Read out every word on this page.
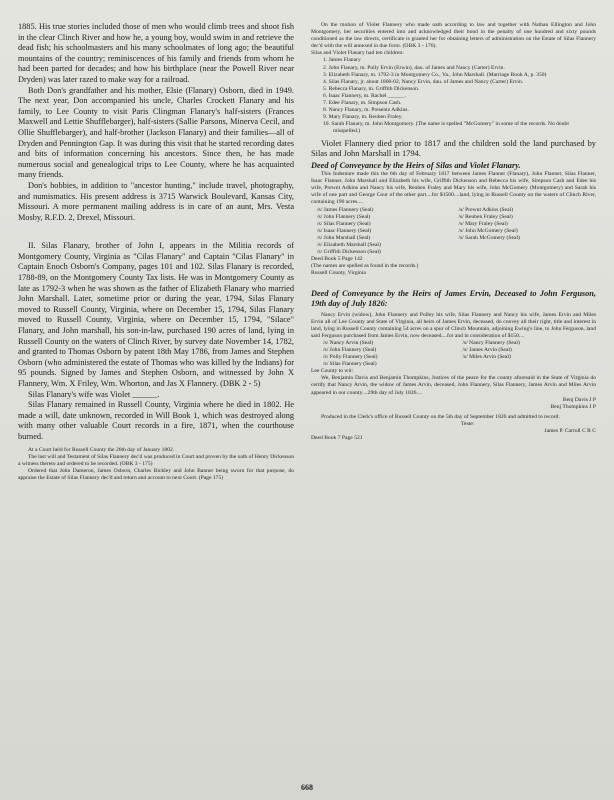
1885. His true stories included those of men who would climb trees and shoot fish in the clear Clinch River and how he, a young boy, would swim in and retrieve the dead fish; his schoolmasters and his many schoolmates of long ago; the beautiful mountains of the country; reminiscences of his family and friends from whom he had been parted for decades; and how his birthplace (near the Powell River near Dryden) was later razed to make way for a railroad.

Both Don's grandfather and his mother, Elsie (Flanary) Osborn, died in 1949. The next year, Don accompanied his uncle, Charles Crockett Flanary and his family, to Lee County to visit Paris Clingman Flanary's half-sisters (Frances Maxwell and Lettie Shufflebarger), half-sisters (Sallie Parsons, Minerva Cecil, and Ollie Shufflebarger), and half-brother (Jackson Flanary) and their families—all of Dryden and Pennington Gap. It was during this visit that he started recording dates and bits of information concerning his ancestors. Since then, he has made numerous social and genealogical trips to Lee County, where he has acquainted many friends.

Don's hobbies, in addition to "ancestor hunting," include travel, photography, and numismatics. His present address is 3715 Warwick Boulevard, Kansas City, Missouri. A more permanent mailing address is in care of an aunt, Mrs. Vesta Mosby, R.F.D. 2, Drexel, Missouri.

II. Silas Flanary, brother of John I, appears in the Militia records of Montgomery County, Virginia as "Cilas Flanary" and Captain "Cilas Flanary" in Captain Enoch Osborn's Company, pages 101 and 102. Silas Flanary is recorded, 1788-89, on the Montgomery County Tax lists. He was in Montgomery County as late as 1792-3 when he was shown as the father of Elizabeth Flanary who married John Marshall. Later, sometime prior or during the year, 1794, Silas Flanary moved to Russell County, Virginia, where on December 15, 1794, Silas Flanary moved to Russell County, Virginia, where on December 15, 1794, "Silace" Flanary, and John marshall, his son-in-law, purchased 190 acres of land, lying in Russell County on the waters of Clinch River, by survey date November 14, 1782, and granted to Thomas Osborn by patent 18th May 1786, from James and Stephen Osborn (who administered the estate of Thomas who was killed by the Indians) for 95 pounds. Signed by James and Stephen Osborn, and witnessed by John X Flannery, Wm. X Friley, Wm. Whorton, and Jas X Flannery. (DBK 2 - 5)

Silas Flanary's wife was Violet ______.

Silas Flanary remained in Russell County, Virginia where he died in 1802. He made a will, date unknown, recorded in Will Book 1, which was destroyed along with many other valuable Court records in a fire, 1871, when the courthouse burned.

At a Court held for Russell County the 26th day of January 1802.

The last will and Testament of Silas Flannery dec'd was produced in Court and proven by the oath of Henry Dickenson a witness thereto and ordered to be recorded. (OBK 3 - 175)

Ordered that John Dameron, James Osborn, Charles Bickley and John Banner being sworn for that purpose, do appraise the Estate of Silas Flannery dec'd and return and account to next Court. (Page 175)

On the motion of Violet Flannery who made oath according to law and together with Nathan Ellington and John Montgomery, her securities entered into and acknowledged their bond in the penalty of one hundred and sixty pounds conditioned as the law directs, certificate is granted her for obtaining letters of administration on the Estate of Silas Flannery dec'd with the will annexed in due form. (OBK 3 - 176).

Silas and Violet Flanary had ten children:

1. James Flanary
2. John Flanary, m. Polly Ervin (Erwin), dau. of James and Nancy (Carter) Ervin.
3. Elizabeth Flanary, m. 1792-3 in Montgomery Co., Va., John Marshall. (Marriage Book A, p. 350)
4. Silas Flanary, jr. about 1800-02, Nancy Ervin, dau. of James and Nancy (Carter) Ervin.
5. Rebecca Flanary, m. Griffith Dickenson.
6. Isaac Flannery, m. Rachel ______.
7. Edee Flanary, m. Simpson Cash.
8. Nancy Flanary, m. Presentz Adkins.
9. Mary Flanary, m. Reuben Fraley.
10. Sarah Flanary, m. John Montgomery. (The name is spelled "McGomery" in some of the records. No doubt misspelled.)

Violet Flannery died prior to 1817 and the children sold the land purchased by Silas and John Marshall in 1794.

Deed of Conveyance by the Heirs of Silas and Violet Flanary.

This Indenture made this the 6th day of February 1817 between James Flanner (Flanary), John Flanner, Silas Flanner, Isaac Flanner, John Marshall and Elizabeth his wife, Griffith Dickenson and Rebecca his wife, Simpson Cash and Edee his wife, Prewnt Adkins and Nancy his wife, Reuben Fraley and Mary his wife, John McGomery (Montgomery) and Sarah his wife of one part and George Cour of the other part....for $1500....land, lying in Russell County on the waters of Clinch River, containing 190 acres....

/s/ James Flannery (Seal)	/s/ Prewnt Adkins (Seal)
/s/ John Flannery (Seal)	/s/ Reuben Fraley (Seal)
/s/ Silas Flannery (Seal)	/s/ Mary Fraley (Seal)
/s/ Isaac Flannery (Seal)	/s/ John McGomery (Seal)
/s/ John Marshall (Seal)	/s/ Sarah McGomery (Seal)
/s/ Elizabeth Marshall (Seal)
/s/ Griffith Dickenson (Seal)

Deed Book 5 Page 142

(The names are spelled as found in the records.)

Russell County, Virginia

Deed of Conveyance by the Heirs of James Ervin, Deceased to John Ferguson, 19th day of July 1826:

Nancy Ervin (widow), John Flannery and Polley his wife, Silas Flannery and Nancy his wife, James Ervin and Miles Ervin all of Lee County and State of Virginia, all heirs of James Ervin, deceased, do convey all their right, title and interest in land, lying in Russell County containing 54 acres on a spur of Clinch Mountain, adjoining Ewing's line, to John Ferguson, land said Ferguson purchased from James Ervin, now deceased....for and in consideration of $150....

/s/ Nancy Arvin (Seal)	/s/ Nancy Flannery (Seal)
/s/ John Flannery (Seal)	/s/ James Arvin (Seal)
/s/ Polly Flannery (Seal)	/s/ Miles Arvin (Seal)
/s/ Silas Flannery (Seal)

Lee County to wit:

We, Benjamin Davis and Benjamin Thompkins, Justices of the peace for the county aforesaid in the State of Virginia do certify that Nancy Arvin, the widow of James Arvin, deceased, John Flannery, Silas Flannery, James Arvin and Miles Arvin appeared in our county....29th day of July 1826....

Benj Davis J P

Benj Thompkins J P

Produced in the Clerk's office of Russell County on the 5th day of September 1826 and admitted to record.

Teste:

James P. Carroll C R C

Deed Book 7 Page 521

668
